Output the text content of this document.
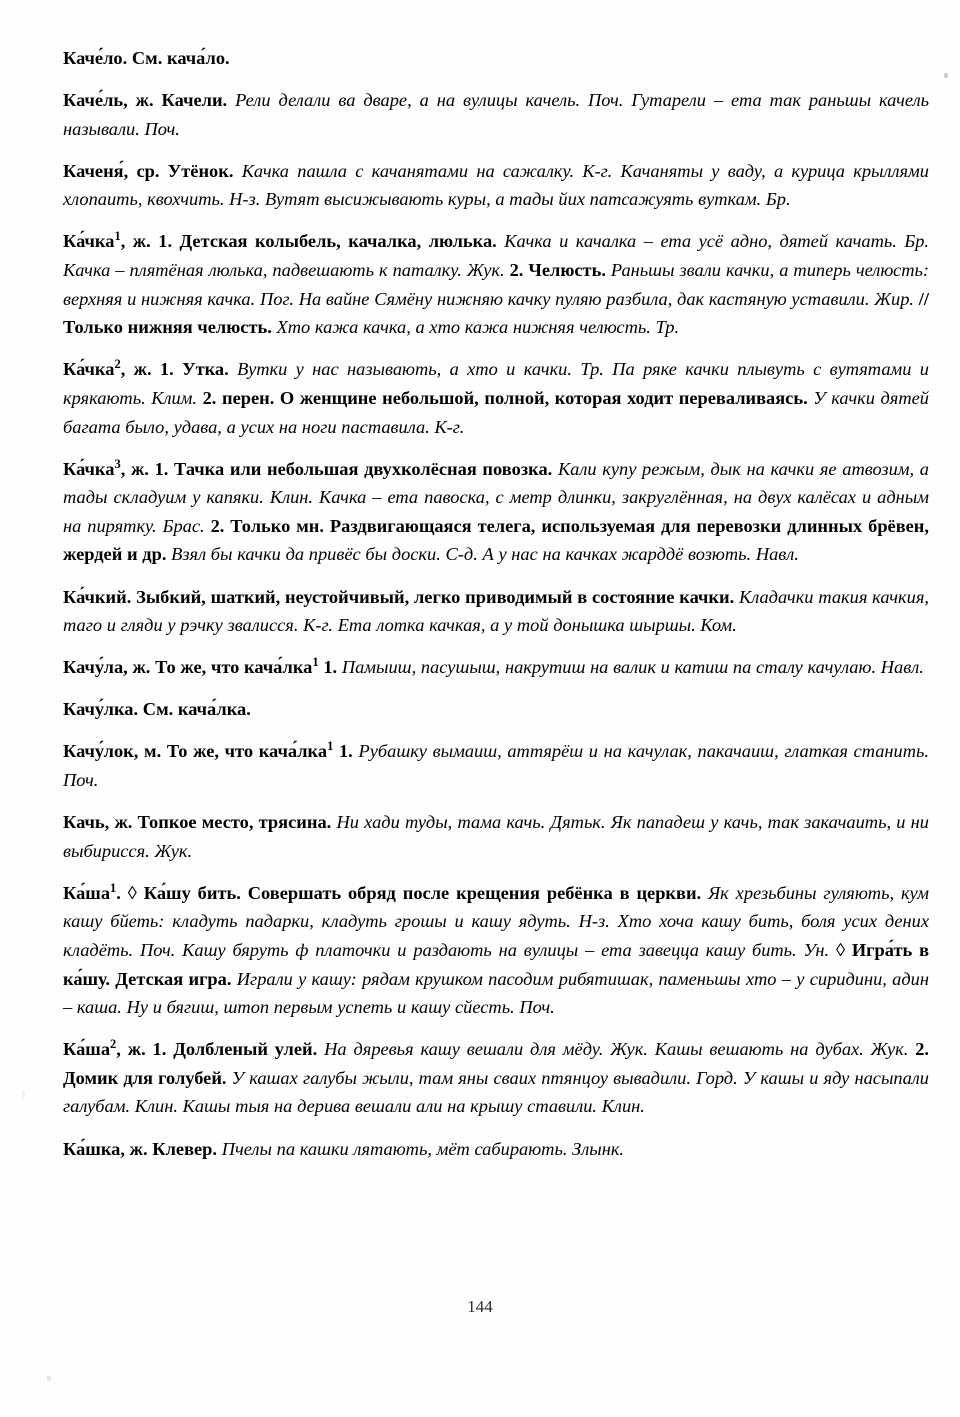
Каче́ло. См. кача́ло.

Каче́ль, ж. Качели. Рели делали ва дваре, а на вулицы качель. Поч. Гутарели – ета так раньшы качель называли. Поч.

Каченя́, ср. Утёнок. Качка пашла с качанятами на сажалку. К-г. Качаняты у ваду, а курица крыллями хлопаить, квохчить. Н-з. Вутят высижывають куры, а тады йих патсажуять вуткам. Бр.

Ка́чка$^1$, ж. 1. Детская колыбель, качалка, люлька. Качка и качалка – ета усё адно, дятей качать. Бр. Качка – плятёная люлька, падвешають к паталку. Жук. 2. Челюсть. Раньшы звали качки, а типерь челюсть: верхняя и нижняя качка. Пог. На вайне Сямёну нижняю качку пуляю разбила, дак кастяную уставили. Жир. // Только нижняя челюсть. Хто кажа качка, а хто кажа нижняя челюсть. Тр.

Ка́чка$^2$, ж. 1. Утка. Вутки у нас называють, а хто и качки. Тр. Па ряке качки плывуть с вутятами и крякають. Клим. 2. перен. О женщине небольшой, полной, которая ходит переваливаясь. У качки дятей багата было, удава, а усих на ноги паставила. К-г.

Ка́чка$^3$, ж. 1. Тачка или небольшая двухколёсная повозка. Кали купу режым, дык на качки яе атвозим, а тады складуим у капяки. Клин. Качка – ета павоска, с метр длинки, закруглённая, на двух калёсах и адным на пирятку. Брас. 2. Только мн. Раздвигающаяся телега, используемая для перевозки длинных брёвен, жердей и др. Взял бы качки да привёс бы доски. С-д. А у нас на качках жарддё возють. Навл.

Ка́чкий. Зыбкий, шаткий, неустойчивый, легко приводимый в состояние качки. Кладачки такия качкия, таго и гляди у рэчку звалисся. К-г. Ета лотка качкая, а у той донышка шыршы. Ком.

Качу́ла, ж. То же, что кача́лка$^1$ 1. Памыиш, пасушыш, накрутиш на валик и катиш па сталу качулаю. Навл.

Качу́лка. См. кача́лка.

Качу́лок, м. То же, что кача́лка$^1$ 1. Рубашку вымаиш, аттярёш и на качулак, пакачаиш, глаткая станить. Поч.

Качь, ж. Топкое место, трясина. Ни хади туды, тама качь. Дятьк. Як пападеш у качь, так закачаить, и ни выбирисся. Жук.

$Ка́ша^1$. ◊ Ка́шу бить. Совершать обряд после крещения ребёнка в церкви. Як хрезьбины гуляють, кум кашу бйеть: кладуть падарки, кладуть грошы и кашу ядуть. Н-з. Хто хоча кашу бить, боля усих дених кладёть. Поч. Кашу бяруть ф платочки и раздають на вулицы – ета завецца кашу бить. Ун. ◊ Игра́ть в ка́шу. Детская игра. Играли у кашу: рядам крушком пасодим рибятишак, паменьшы хто – у сиридини, адин – каша. Ну и бягиш, штоп первым успеть и кашу сйесть. Поч.

$Ка́ша^2$, ж. 1. Долбленый улей. На дяревья кашу вешали для мёду. Жук. Кашы вешають на дубах. Жук. 2. Домик для голубей. У кашах галубы жыли, там яны сваих птянцоу вывадили. Горд. У кашы и яду насыпали галубам. Клин. Кашы тыя на дерива вешали али на крышу ставили. Клин.

Ка́шка, ж. Клевер. Пчелы па кашки лятають, мёт сабирають. Злынк.

144
